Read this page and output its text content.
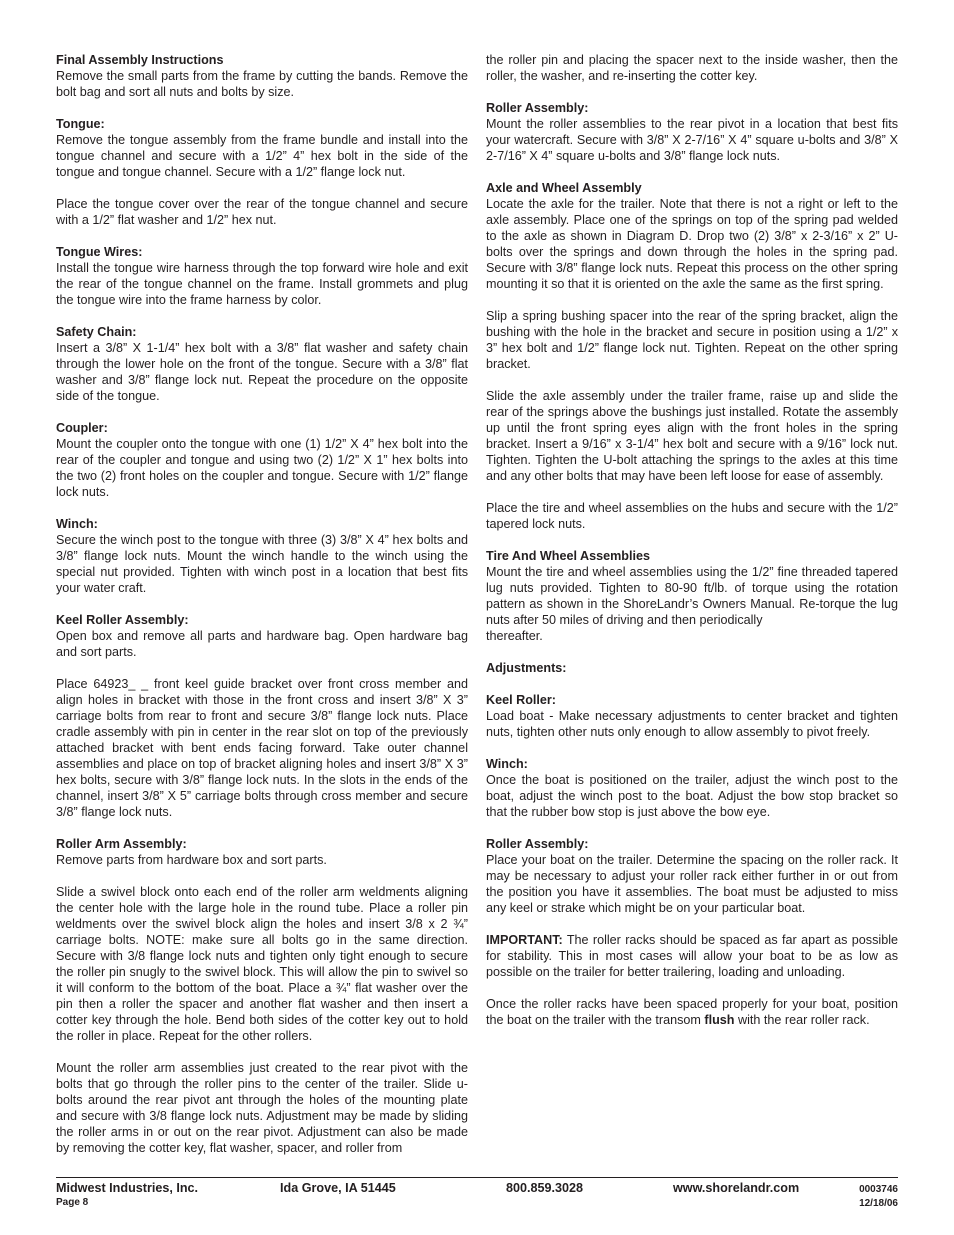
Final Assembly Instructions

Remove the small parts from the frame by cutting the bands. Remove the bolt bag and sort all nuts and bolts by size.

Tongue:

Remove the tongue assembly from the frame bundle and install into the tongue channel and secure with a 1/2” 4” hex bolt in the side of the tongue and tongue channel. Secure with a 1/2” flange lock nut.

Place the tongue cover over the rear of the tongue channel and secure with a 1/2” flat washer and 1/2” hex nut.

Tongue Wires:

Install the tongue wire harness through the top forward wire hole and exit the rear of the tongue channel on the frame. Install grommets and plug the tongue wire into the frame harness by color.

Safety Chain:

Insert a 3/8” X 1-1/4” hex bolt with a 3/8” flat washer and safety chain through the lower hole on the front of the tongue. Secure with a 3/8” flat washer and 3/8” flange lock nut. Repeat the procedure on the opposite side of the tongue.

Coupler:

Mount the coupler onto the tongue with one (1) 1/2” X 4” hex bolt into the rear of the coupler and tongue and using two (2) 1/2” X 1” hex bolts into the two (2) front holes on the coupler and tongue. Secure with 1/2” flange lock nuts.

Winch:

Secure the winch post to the tongue with three (3) 3/8” X 4” hex bolts and 3/8” flange lock nuts. Mount the winch handle to the winch using the special nut provided. Tighten with winch post in a location that best fits your water craft.

Keel Roller Assembly:

Open box and remove all parts and hardware bag. Open hardware bag and sort parts.

Place 64923_ _ front keel guide bracket over front cross member and align holes in bracket with those in the front cross and insert 3/8” X 3” carriage bolts from rear to front and secure 3/8” flange lock nuts. Place cradle assembly with pin in center in the rear slot on top of the previously attached bracket with bent ends facing forward. Take outer channel assemblies and place on top of bracket aligning holes and insert 3/8” X 3” hex bolts, secure with 3/8” flange lock nuts. In the slots in the ends of the channel, insert 3/8” X 5” carriage bolts through cross member and secure 3/8” flange lock nuts.

Roller Arm Assembly:

Remove parts from hardware box and sort parts.

Slide a swivel block onto each end of the roller arm weldments aligning the center hole with the large hole in the round tube. Place a roller pin weldments over the swivel block align the holes and insert 3/8 x 2 ¾” carriage bolts. NOTE: make sure all bolts go in the same direction. Secure with 3/8 flange lock nuts and tighten only tight enough to secure the roller pin snugly to the swivel block. This will allow the pin to swivel so it will conform to the bottom of the boat. Place a ¾” flat washer over the pin then a roller the spacer and another flat washer and then insert a cotter key through the hole. Bend both sides of the cotter key out to hold the roller in place. Repeat for the other rollers.

Mount the roller arm assemblies just created to the rear pivot with the bolts that go through the roller pins to the center of the trailer. Slide u-bolts around the rear pivot ant through the holes of the mounting plate and secure with 3/8 flange lock nuts. Adjustment may be made by sliding the roller arms in or out on the rear pivot. Adjustment can also be made by removing the cotter key, flat washer, spacer, and roller from

the roller pin and placing the spacer next to the inside washer, then the roller, the washer, and re-inserting the cotter key.

Roller Assembly:

Mount the roller assemblies to the rear pivot in a location that best fits your watercraft. Secure with 3/8” X 2-7/16” X 4” square u-bolts and 3/8” X 2-7/16” X 4” square u-bolts and 3/8” flange lock nuts.

Axle and Wheel Assembly

Locate the axle for the trailer. Note that there is not a right or left to the axle assembly. Place one of the springs on top of the spring pad welded to the axle as shown in Diagram D. Drop two (2) 3/8” x 2-3/16” x 2” U-bolts over the springs and down through the holes in the spring pad. Secure with 3/8” flange lock nuts. Repeat this process on the other spring mounting it so that it is oriented on the axle the same as the first spring.

Slip a spring bushing spacer into the rear of the spring bracket, align the bushing with the hole in the bracket and secure in position using a 1/2” x 3” hex bolt and 1/2” flange lock nut. Tighten. Repeat on the other spring bracket.

Slide the axle assembly under the trailer frame, raise up and slide the rear of the springs above the bushings just installed. Rotate the assembly up until the front spring eyes align with the front holes in the spring bracket. Insert a 9/16” x 3-1/4” hex bolt and secure with a 9/16” lock nut. Tighten. Tighten the U-bolt attaching the springs to the axles at this time and any other bolts that may have been left loose for ease of assembly.

Place the tire and wheel assemblies on the hubs and secure with the 1/2” tapered lock nuts.

Tire And Wheel Assemblies

Mount the tire and wheel assemblies using the 1/2” fine threaded tapered lug nuts provided. Tighten to 80-90 ft/lb. of torque using the rotation pattern as shown in the ShoreLandr’s Owners Manual. Re-torque the lug nuts after 50 miles of driving and then periodically
thereafter.

Adjustments:
Keel Roller:

Load boat - Make necessary adjustments to center bracket and tighten nuts, tighten other nuts only enough to allow assembly to pivot freely.

Winch:

Once the boat is positioned on the trailer, adjust the winch post to the boat, adjust the winch post to the boat. Adjust the bow stop bracket so that the rubber bow stop is just above the bow eye.

Roller Assembly:

Place your boat on the trailer. Determine the spacing on the roller rack. It may be necessary to adjust your roller rack either further in or out from the position you have it assemblies. The boat must be adjusted to miss any keel or strake which might be on your particular boat.

IMPORTANT: The roller racks should be spaced as far apart as possible for stability. This in most cases will allow your boat to be as low as possible on the trailer for better trailering, loading and unloading.

Once the roller racks have been spaced properly for your boat, position the boat on the trailer with the transom flush with the rear roller rack.

Midwest Industries, Inc.
Page 8
Ida Grove, IA 51445	800.859.3028	www.shorelandr.com	0003746
12/18/06
